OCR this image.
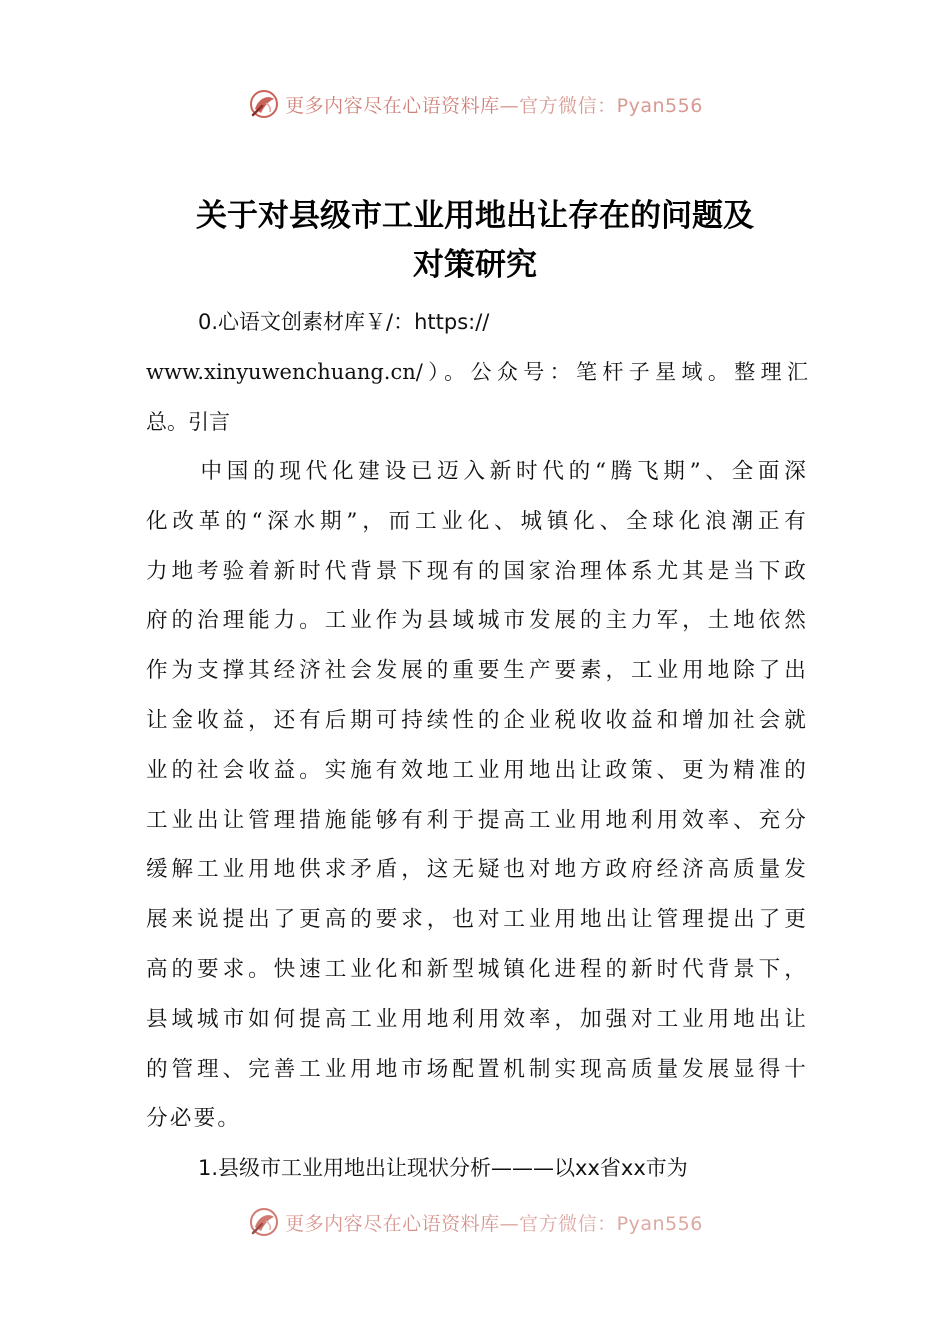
更多内容尽在心语资料库 —官方微信：Pyan556
关于对县级市工业用地出让存在的问题及
对策研究

0.心语文创素材库￥/：https://
www.xinyuwenchuang.cn/）。公众号：笔杆子星域。整理汇
总。引言

中国的现代化建设已迈入新时代的“腾飞期”、全面深
化改革的“深水期”，而工业化、城镇化、全球化浪潮正有
力地考验着新时代背景下现有的国家治理体系尤其是当下政
府的治理能力。工业作为县域城市发展的主力军，土地依然
作为支撑其经济社会发展的重要生产要素，工业用地除了出
让金收益，还有后期可持续性的企业税收收益和增加社会就
业的社会收益。实施有效地工业用地出让政策、更为精准的
工业出让管理措施能够有利于提高工业用地利用效率、充分
缓解工业用地供求矛盾，这无疑也对地方政府经济高质量发
展来说提出了更高的要求，也对工业用地出让管理提出了更
高的要求。快速工业化和新型城镇化进程的新时代背景下，
县域城市如何提高工业用地利用效率，加强对工业用地出让
的管理、完善工业用地市场配置机制实现高质量发展显得十
分必要。

1.县级市工业用地出让现状分析———以xx省xx市为

更多内容尽在心语资料库 —官方微信：Pyan556
